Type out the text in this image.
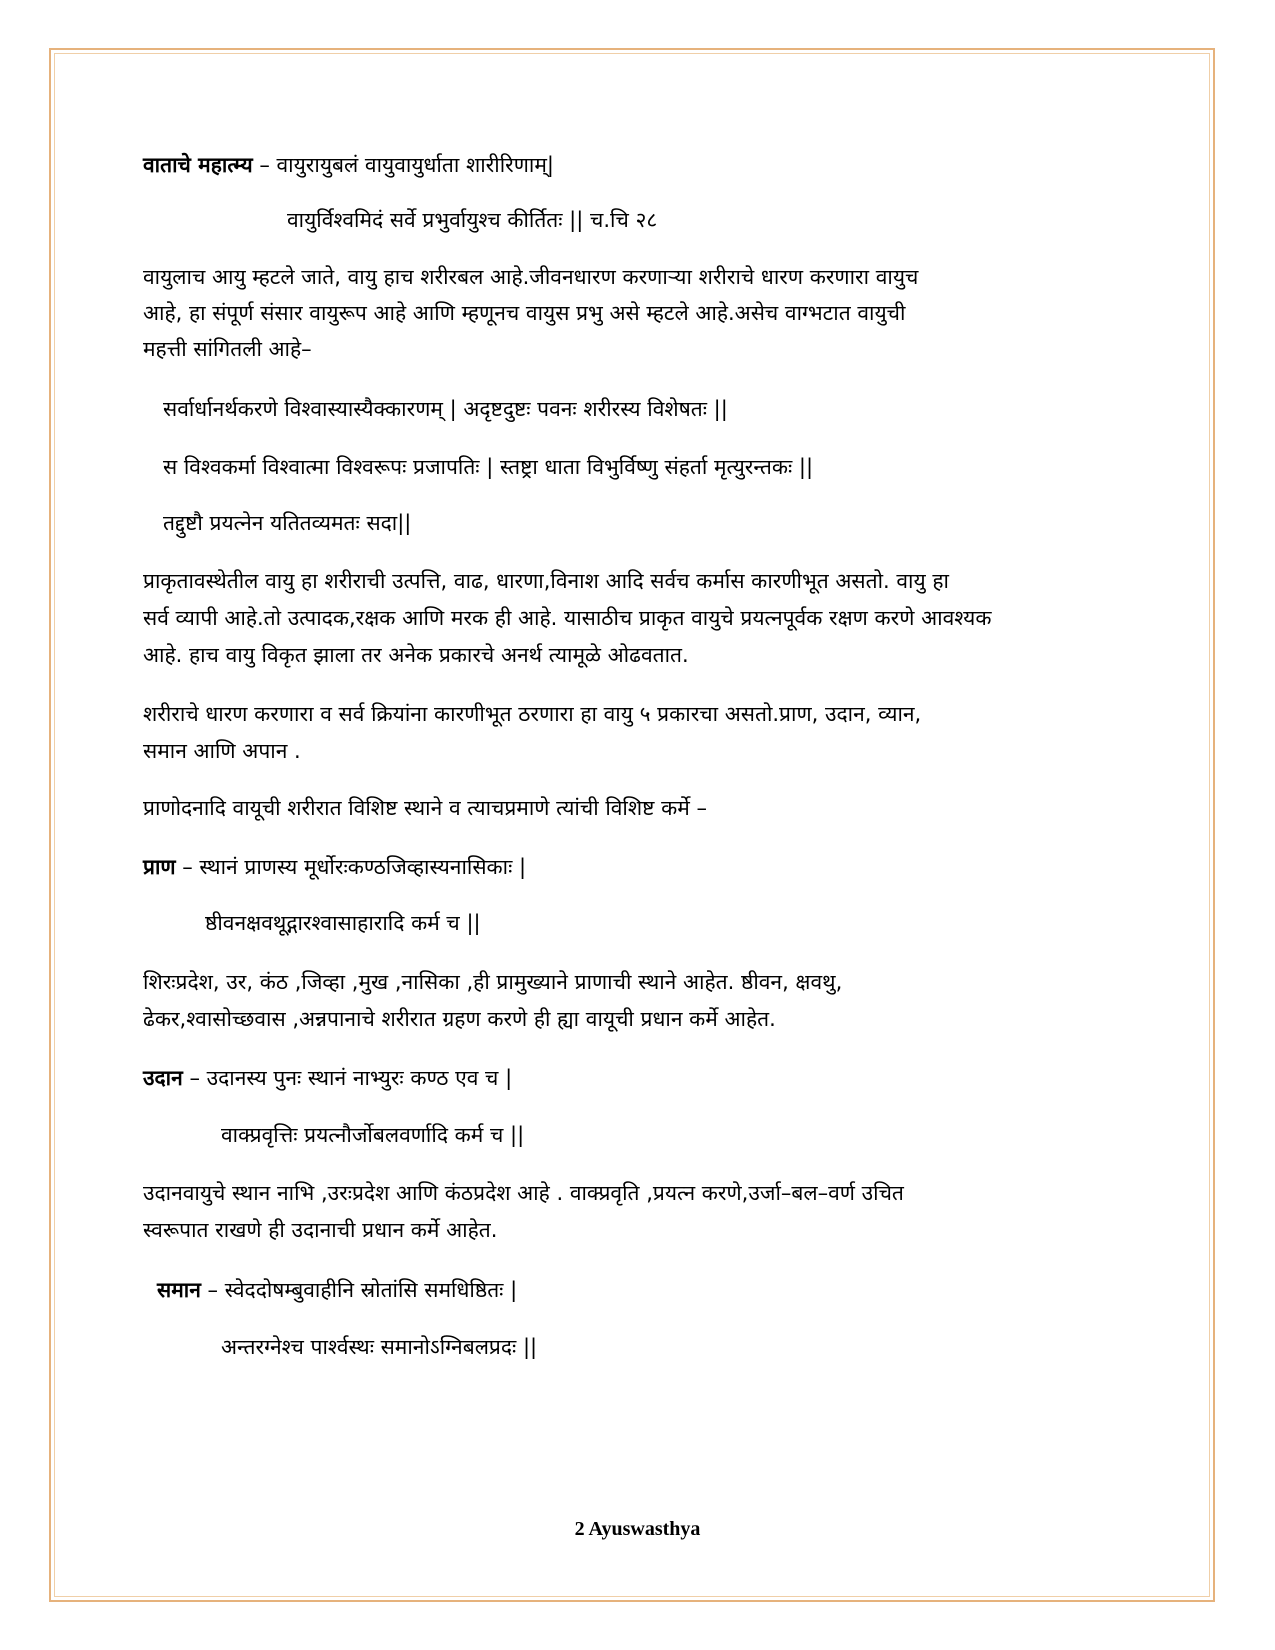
वाताचे महात्म्य – वायुरायुबलं वायुवायुर्धाता शारीरिणाम्|
वायुर्विश्वमिदं सर्वे प्रभुर्वायुश्च कीर्तितः || च.चि २८
वायुलाच आयु म्हटले जाते, वायु हाच शरीरबल आहे.जीवनधारण करणाऱ्या शरीराचे धारण करणारा वायुच
आहे, हा संपूर्ण संसार वायुरूप आहे आणि म्हणूनच वायुस प्रभु असे म्हटले आहे.असेच वाग्भटात वायुची
महत्ती सांगितली आहे–
सर्वार्धानर्थकरणे विश्वास्यास्यैक्कारणम् | अदृष्टदुष्टः पवनः शरीरस्य विशेषतः ||
स विश्वकर्मा विश्वात्मा विश्वरूपः प्रजापतिः | स्तष्ट्रा धाता विभुर्विष्णु संहर्ता मृत्युरन्तकः ||
तद्दुष्टौ प्रयत्नेन यतितव्यमतः सदा||
प्राकृतावस्थेतील वायु हा शरीराची उत्पत्ति, वाढ, धारणा,विनाश आदि सर्वच कर्मास कारणीभूत असतो. वायु हा
सर्व व्यापी आहे.तो उत्पादक,रक्षक आणि मरक ही आहे. यासाठीच प्राकृत वायुचे प्रयत्नपूर्वक रक्षण करणे आवश्यक
आहे. हाच वायु विकृत झाला तर अनेक प्रकारचे अनर्थ त्यामूळे ओढवतात.
शरीराचे धारण करणारा व सर्व क्रियांना कारणीभूत ठरणारा हा वायु ५ प्रकारचा असतो.प्राण, उदान, व्यान,
समान आणि अपान .
प्राणोदनादि वायूची शरीरात विशिष्ट स्थाने व त्याचप्रमाणे त्यांची विशिष्ट कर्मे –
प्राण – स्थानं प्राणस्य मूर्धोरःकण्ठजिव्हास्यनासिकाः |
ष्ठीवनक्षवथूद्गारश्वासाहारादि कर्म च ||
शिरःप्रदेश, उर, कंठ ,जिव्हा ,मुख ,नासिका ,ही प्रामुख्याने प्राणाची स्थाने आहेत. ष्ठीवन, क्षवथु,
ढेकर,श्वासोच्छवास ,अन्नपानाचे शरीरात ग्रहण करणे ही ह्या वायूची प्रधान कर्मे आहेत.
उदान – उदानस्य पुनः स्थानं नाभ्युरः कण्ठ एव च |
वाक्प्रवृत्तिः प्रयत्नौर्जोबलवर्णादि कर्म च ||
उदानवायुचे स्थान नाभि ,उरःप्रदेश आणि कंठप्रदेश आहे . वाक्प्रवृति ,प्रयत्न करणे,उर्जा–बल–वर्ण उचित
स्वरूपात राखणे ही उदानाची प्रधान कर्मे आहेत.
समान – स्वेददोषम्बुवाहीनि स्रोतांसि समधिष्ठितः |
अन्तरग्नेश्च पार्श्वस्थः समानोऽग्निबलप्रदः ||
2 Ayuswasthya
